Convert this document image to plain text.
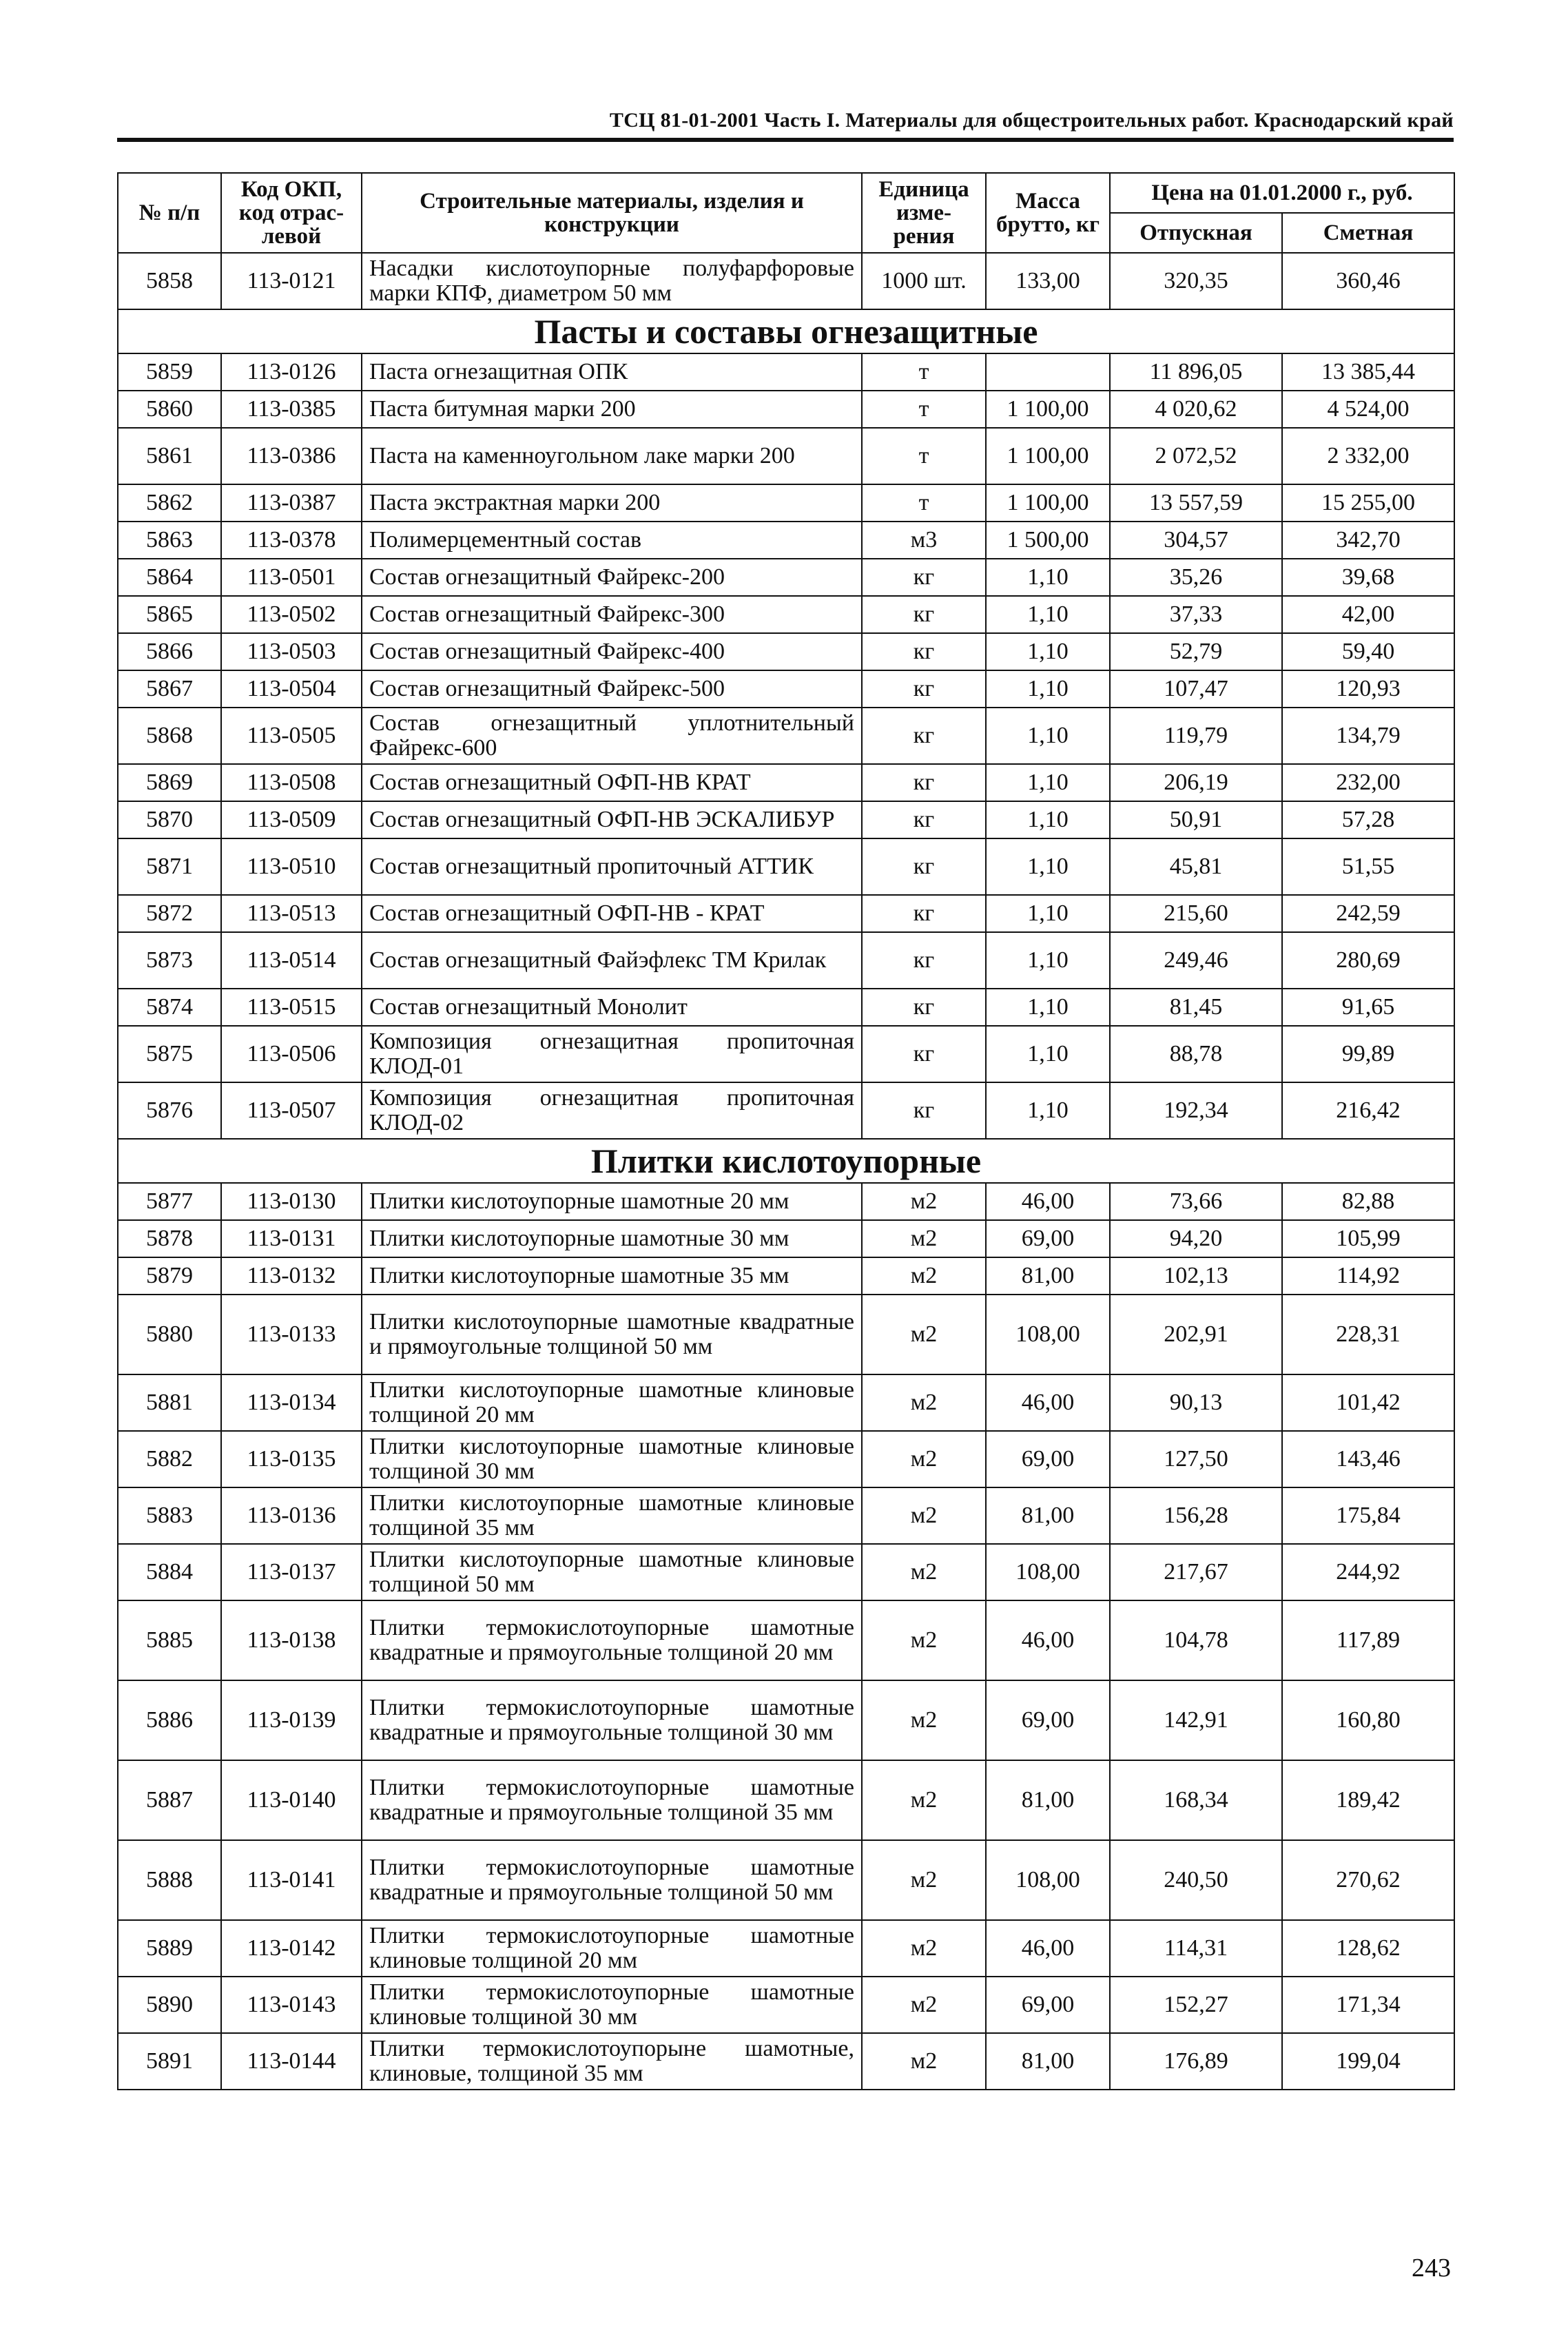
ТСЦ 81-01-2001 Часть I. Материалы для общестроительных работ. Краснодарский край
№ п/п	Код ОКП, код отрас-левой	Строительные материалы, изделия и конструкции	Единица изме-рения	Масса брутто, кг	Цена на 01.01.2000 г., руб.	
					Отпускная	Сметная
5858	113-0121	Насадки кислотоупорные полуфарфоровые марки КПФ, диаметром 50 мм	1000 шт.	133,00	320,35	360,46
Пасты и составы огнезащитные						
5859	113-0126	Паста огнезащитная ОПК	т		11 896,05	13 385,44
5860	113-0385	Паста битумная марки 200	т	1 100,00	4 020,62	4 524,00
5861	113-0386	Паста на каменноугольном лаке марки 200	т	1 100,00	2 072,52	2 332,00
5862	113-0387	Паста экстрактная марки 200	т	1 100,00	13 557,59	15 255,00
5863	113-0378	Полимерцементный состав	м3	1 500,00	304,57	342,70
5864	113-0501	Состав огнезащитный Файрекс-200	кг	1,10	35,26	39,68
5865	113-0502	Состав огнезащитный Файрекс-300	кг	1,10	37,33	42,00
5866	113-0503	Состав огнезащитный Файрекс-400	кг	1,10	52,79	59,40
5867	113-0504	Состав огнезащитный Файрекс-500	кг	1,10	107,47	120,93
5868	113-0505	Состав огнезащитный уплотнительный Файрекс-600	кг	1,10	119,79	134,79
5869	113-0508	Состав огнезащитный ОФП-НВ КРАТ	кг	1,10	206,19	232,00
5870	113-0509	Состав огнезащитный ОФП-НВ ЭСКАЛИБУР	кг	1,10	50,91	57,28
5871	113-0510	Состав огнезащитный пропиточный АТТИК	кг	1,10	45,81	51,55
5872	113-0513	Состав огнезащитный ОФП-НВ - КРАТ	кг	1,10	215,60	242,59
5873	113-0514	Состав огнезащитный Файэфлекс ТМ Крилак	кг	1,10	249,46	280,69
5874	113-0515	Состав огнезащитный Монолит	кг	1,10	81,45	91,65
5875	113-0506	Композиция огнезащитная пропиточная КЛОД-01	кг	1,10	88,78	99,89
5876	113-0507	Композиция огнезащитная пропиточная КЛОД-02	кг	1,10	192,34	216,42
Плитки кислотоупорные						
5877	113-0130	Плитки кислотоупорные шамотные 20 мм	м2	46,00	73,66	82,88
5878	113-0131	Плитки кислотоупорные шамотные 30 мм	м2	69,00	94,20	105,99
5879	113-0132	Плитки кислотоупорные шамотные 35 мм	м2	81,00	102,13	114,92
5880	113-0133	Плитки кислотоупорные шамотные квадратные и прямоугольные толщиной 50 мм	м2	108,00	202,91	228,31
5881	113-0134	Плитки кислотоупорные шамотные клиновые толщиной 20 мм	м2	46,00	90,13	101,42
5882	113-0135	Плитки кислотоупорные шамотные клиновые толщиной 30 мм	м2	69,00	127,50	143,46
5883	113-0136	Плитки кислотоупорные шамотные клиновые толщиной 35 мм	м2	81,00	156,28	175,84
5884	113-0137	Плитки кислотоупорные шамотные клиновые толщиной 50 мм	м2	108,00	217,67	244,92
5885	113-0138	Плитки термокислотоупорные шамотные квадратные и прямоугольные толщиной 20 мм	м2	46,00	104,78	117,89
5886	113-0139	Плитки термокислотоупорные шамотные квадратные и прямоугольные толщиной 30 мм	м2	69,00	142,91	160,80
5887	113-0140	Плитки термокислотоупорные шамотные квадратные и прямоугольные толщиной 35 мм	м2	81,00	168,34	189,42
5888	113-0141	Плитки термокислотоупорные шамотные квадратные и прямоугольные толщиной 50 мм	м2	108,00	240,50	270,62
5889	113-0142	Плитки термокислотоупорные шамотные клиновые толщиной 20 мм	м2	46,00	114,31	128,62
5890	113-0143	Плитки термокислотоупорные шамотные клиновые толщиной 30 мм	м2	69,00	152,27	171,34
5891	113-0144	Плитки термокислотоупорыне шамотные, клиновые, толщиной 35 мм	м2	81,00	176,89	199,04
243
